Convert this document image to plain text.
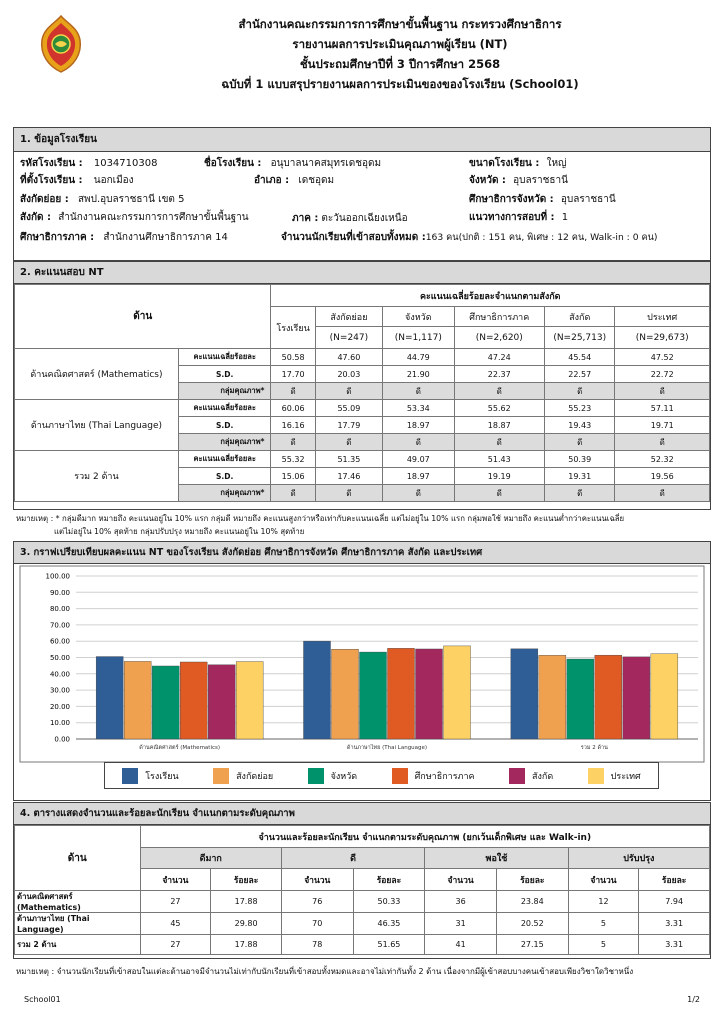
สำนักงานคณะกรรมการการศึกษาขั้นพื้นฐาน กระทรวงศึกษาธิการ
รายงานผลการประเมินคุณภาพผู้เรียน (NT)
ชั้นประถมศึกษาปีที่ 3 ปีการศึกษา 2568
ฉบับที่ 1 แบบสรุปรายงานผลการประเมินของของโรงเรียน (School01)
1. ข้อมูลโรงเรียน
รหัสโรงเรียน : 1034710308	ชื่อโรงเรียน : อนุบาลนาคสมุทรเดชอุดม	ขนาดโรงเรียน : ใหญ่
ที่ตั้งโรงเรียน : นอกเมือง	อำเภอ : เดชอุดม	จังหวัด : อุบลราชธานี
สังกัดย่อย : สพป.อุบลราชธานี เขต 5	ศึกษาธิการจังหวัด : อุบลราชธานี
สังกัด : สำนักงานคณะกรรมการการศึกษาขั้นพื้นฐาน	ภาค : ตะวันออกเฉียงเหนือ	แนวทางการสอบที่ : 1
ศึกษาธิการภาค : สำนักงานศึกษาธิการภาค 14	จำนวนนักเรียนที่เข้าสอบทั้งหมด :163 คน(ปกติ : 151 คน, พิเศษ : 12 คน, Walk-in : 0 คน)
2. คะแนนสอบ NT
ด้าน		คะแนนเฉลี่ยร้อยละจำแนกตามสังกัด					
		โรงเรียน	สังกัดย่อย	จังหวัด	ศึกษาธิการภาค	สังกัด	ประเทศ
			(N=247)	(N=1,117)	(N=2,620)	(N=25,713)	(N=29,673)
ด้านคณิตศาสตร์ (Mathematics)	คะแนนเฉลี่ยร้อยละ	50.58	47.60	44.79	47.24	45.54	47.52
	S.D.	17.70	20.03	21.90	22.37	22.57	22.72
	กลุ่มคุณภาพ*	ดี	ดี	ดี	ดี	ดี	ดี
ด้านภาษาไทย (Thai Language)	คะแนนเฉลี่ยร้อยละ	60.06	55.09	53.34	55.62	55.23	57.11
	S.D.	16.16	17.79	18.97	18.87	19.43	19.71
	กลุ่มคุณภาพ*	ดี	ดี	ดี	ดี	ดี	ดี
รวม 2 ด้าน	คะแนนเฉลี่ยร้อยละ	55.32	51.35	49.07	51.43	50.39	52.32
	S.D.	15.06	17.46	18.97	19.19	19.31	19.56
	กลุ่มคุณภาพ*	ดี	ดี	ดี	ดี	ดี	ดี
หมายเหตุ : * กลุ่มดีมาก หมายถึง คะแนนอยู่ใน 10% แรก กลุ่มดี หมายถึง คะแนนสูงกว่าหรือเท่ากับคะแนนเฉลี่ย แต่ไม่อยู่ใน 10% แรก กลุ่มพอใช้ หมายถึง คะแนนต่ำกว่าคะแนนเฉลี่ย
แต่ไม่อยู่ใน 10% สุดท้าย กลุ่มปรับปรุง หมายถึง คะแนนอยู่ใน 10% สุดท้าย
3. กราฟเปรียบเทียบผลคะแนน NT ของโรงเรียน สังกัดย่อย ศึกษาธิการจังหวัด ศึกษาธิการภาค สังกัด และประเทศ
100.00
90.00
80.00
70.00
60.00
50.00
40.00
30.00
20.00
10.00
0.00
ด้านคณิตศาสตร์ (Mathematics)	ด้านภาษาไทย (Thai Language)	รวม 2 ด้าน
โรงเรียน	สังกัดย่อย	จังหวัด	ศึกษาธิการภาค	สังกัด	ประเทศ
4. ตารางแสดงจำนวนและร้อยละนักเรียน จำแนกตามระดับคุณภาพ
ด้าน	จำนวนและร้อยละนักเรียน จำแนกตามระดับคุณภาพ (ยกเว้นเด็กพิเศษ และ Walk-in)							
	ดีมาก		ดี		พอใช้		ปรับปรุง	
	จำนวน	ร้อยละ	จำนวน	ร้อยละ	จำนวน	ร้อยละ	จำนวน	ร้อยละ
ด้านคณิตศาสตร์ (Mathematics)	27	17.88	76	50.33	36	23.84	12	7.94
ด้านภาษาไทย (Thai Language)	45	29.80	70	46.35	31	20.52	5	3.31
รวม 2 ด้าน	27	17.88	78	51.65	41	27.15	5	3.31
หมายเหตุ : จำนวนนักเรียนที่เข้าสอบในแต่ละด้านอาจมีจำนวนไม่เท่ากับนักเรียนที่เข้าสอบทั้งหมดและอาจไม่เท่ากันทั้ง 2 ด้าน เนื่องจากมีผู้เข้าสอบบางคนเข้าสอบเพียงวิชาใดวิชาหนึ่ง
School01	1/2
